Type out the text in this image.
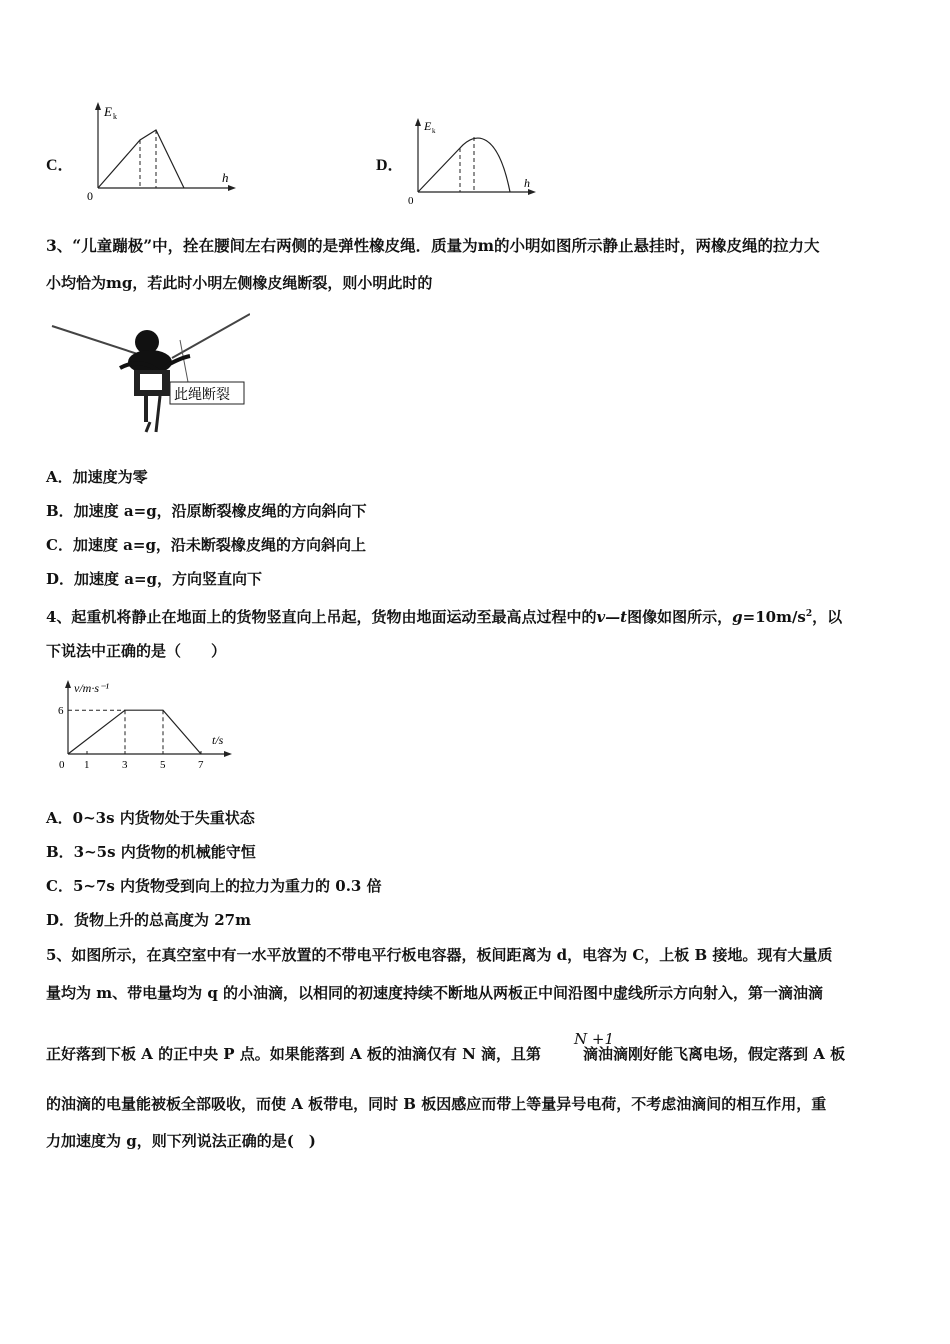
C．
E k
h
0
D．
E k
h
0
3、“儿童蹦极”中，拴在腰间左右两侧的是弹性橡皮绳．质量为m的小明如图所示静止悬挂时，两橡皮绳的拉力大
小均恰为mg，若此时小明左侧橡皮绳断裂，则小明此时的
此绳断裂
A．加速度为零
B．加速度 a=g，沿原断裂橡皮绳的方向斜向下
C．加速度 a=g，沿未断裂橡皮绳的方向斜向上
D．加速度 a=g，方向竖直向下
4、起重机将静止在地面上的货物竖直向上吊起，货物由地面运动至最高点过程中的v—t图像如图所示，$g=10m/s^2$，以
下说法中正确的是（　　）
v/m·s⁻¹
t/s
0 1	3	5	7
6
A．0~3s 内货物处于失重状态
B．3~5s 内货物的机械能守恒
C．5~7s 内货物受到向上的拉力为重力的 0.3 倍
D．货物上升的总高度为 27m
5、如图所示，在真空室中有一水平放置的不带电平行板电容器，板间距离为 d，电容为 C，上板 B 接地。现有大量质
量均为 m、带电量均为 q 的小油滴，以相同的初速度持续不断地从两板正中间沿图中虚线所示方向射入，第一滴油滴
N +1
正好落到下板 A 的正中央 P 点。如果能落到 A 板的油滴仅有 N 滴，且第	滴油滴刚好能飞离电场，假定落到 A 板
的油滴的电量能被板全部吸收，而使 A 板带电，同时 B 板因感应而带上等量异号电荷，不考虑油滴间的相互作用，重
力加速度为 g，则下列说法正确的是(　)
